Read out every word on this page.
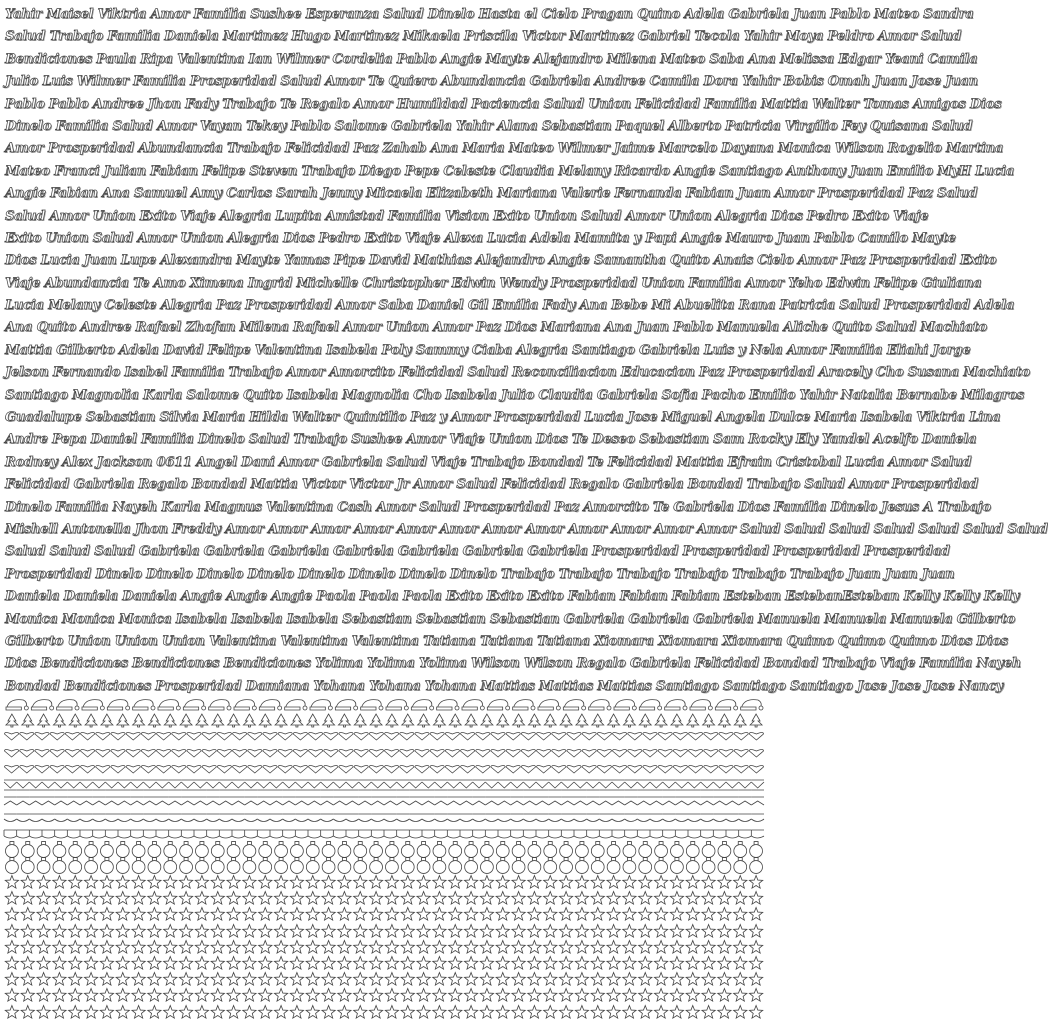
Yahir Maisel Viktria Amor Familia Sushee Esperanza Salud Dinelo Hasta el Cielo Pragan Quino Adela Gabriela Juan Pablo Mateo Sandra
Salud Trabajo Familia Daniela Martinez Hugo Martinez Mikaela Priscila Victor Martinez Gabriel Tecola Yahir Moya Peldro Amor Salud
Bendiciones Paula Ripa Valentina Ian Wilmer Cordelia Pablo Angie Mayte Alejandro Milena Mateo Saba Ana Melissa Edgar Yeani Camila
Julio Luis Wilmer Familia Prosperidad Salud Amor Te Quiero Abundancia Gabriela Andree Camila Dora Yahir Bobis Omah Juan Jose Juan
Pablo Pablo Andree Jhon Fady Trabajo Te Regalo Amor Humildad Paciencia Salud Union Felicidad Familia Mattia Walter Tomas Amigos Dios
Dinelo Familia Salud Amor Vayan Tekey Pablo Salome Gabriela Yahir Alana Sebastian Paquel Alberto Patricia Virgilio Fey Quisana Salud
Amor Prosperidad Abundancia Trabajo Felicidad Paz Zahab Ana Maria Mateo Wilmer Jaime Marcelo Dayana Monica Wilson Rogelio Martina
Mateo Franci Julian Fabian Felipe Steven Trabajo Diego Pepe Celeste Claudia Melany Ricardo Angie Santiago Anthony Juan Emilio MyH Lucia
Angie Fabian Ana Samuel Amy Carlos Sarah Jenny Micaela Elizabeth Mariana Valerie Fernanda Fabian Juan Amor Prosperidad Paz Salud
Salud Amor Union Exito Viaje Alegria Lupita Amistad Familia Vision Exito Union Salud Amor Union Alegria Dios Pedro Exito Viaje
Exito Union Salud Amor Union Alegria Dios Pedro Exito Viaje Alexa Lucia Adela Mamita y Papi Angie Mauro Juan Pablo Camilo Mayte
Dios Lucia Juan Lupe Alexandra Mayte Yamas Pipe David Mathias Alejandro Angie Samantha Quito Anais Cielo Amor Paz Prosperidad Exito
Viaje Abundancia Te Amo Ximena Ingrid Michelle Christopher Edwin Wendy Prosperidad Union Familia Amor Yeho Edwin Felipe Giuliana
Lucia Melany Celeste Alegria Paz Prosperidad Amor Saba Daniel Gil Emilia Fady Ana Bebe Mi Abuelita Rana Patricia Salud Prosperidad Adela
Ana Quito Andree Rafael Zhofan Milena Rafael Amor Union Amor Paz Dios Mariana Ana Juan Pablo Manuela Aliche Quito Salud Machiato
Mattia Gilberto Adela David Felipe Valentina Isabela Poly Sammy Ciaba Alegria Santiago Gabriela Luis y Nela Amor Familia Eliahi Jorge
Jelson Fernando Isabel Familia Trabajo Amor Amorcito Felicidad Salud Reconciliacion Educacion Paz Prosperidad Aracely Cho Susana Machiato
Santiago Magnolia Karla Salome Quito Isabela Magnolia Cho Isabela Julio Claudia Gabriela Sofia Pacho Emilio Yahir Natalia Bernabe Milagros
Guadalupe Sebastian Silvia Maria Hilda Walter Quintilio Paz y Amor Prosperidad Lucia Jose Miguel Angela Dulce Maria Isabela Viktria Lina
Andre Pepa Daniel Familia Dinelo Salud Trabajo Sushee Amor Viaje Union Dios Te Deseo Sebastian Sam Rocky Ely Yandel Acelfo Daniela
Rodney Alex Jackson 0611 Angel Dani Amor Gabriela Salud Viaje Trabajo Bondad Te Felicidad Mattia Efrain Cristobal Lucia Amor Salud
Felicidad Gabriela Regalo Bondad Mattia Victor Victor Jr Amor Salud Felicidad Regalo Gabriela Bondad Trabajo Salud Amor Prosperidad
Dinelo Familia Nayeh Karla Magnus Valentina Cash Amor Salud Prosperidad Paz Amorcito Te Gabriela Dios Familia Dinelo Jesus A Trabajo
Mishell Antonella Jhon Freddy Amor Amor Amor Amor Amor Amor Amor Amor Amor Amor Amor Amor Salud Salud Salud Salud Salud Salud Salud
Salud Salud Salud Gabriela Gabriela Gabriela Gabriela Gabriela Gabriela Gabriela Prosperidad Prosperidad Prosperidad Prosperidad
Prosperidad Dinelo Dinelo Dinelo Dinelo Dinelo Dinelo Dinelo Dinelo Trabajo Trabajo Trabajo Trabajo Trabajo Trabajo Juan Juan Juan
Daniela Daniela Daniela Angie Angie Angie Paola Paola Paola Exito Exito Exito Fabian Fabian Fabian Esteban EstebanEsteban Kelly Kelly Kelly
Monica Monica Monica Isabela Isabela Isabela Sebastian Sebastian Sebastian Gabriela Gabriela Gabriela Manuela Manuela Manuela Gilberto
Gilberto Union Union Union Valentina Valentina Valentina Tatiana Tatiana Tatiana Xiomara Xiomara Xiomara Quimo Quimo Quimo Dios Dios
Dios Bendiciones Bendiciones Bendiciones Yolima Yolima Yolima Wilson Wilson Regalo Gabriela Felicidad Bondad Trabajo Viaje Familia Nayeh
Bondad Bendiciones Prosperidad Damiana Yohana Yohana Yohana Mattias Mattias Mattias Santiago Santiago Santiago Jose Jose Jose Nancy
